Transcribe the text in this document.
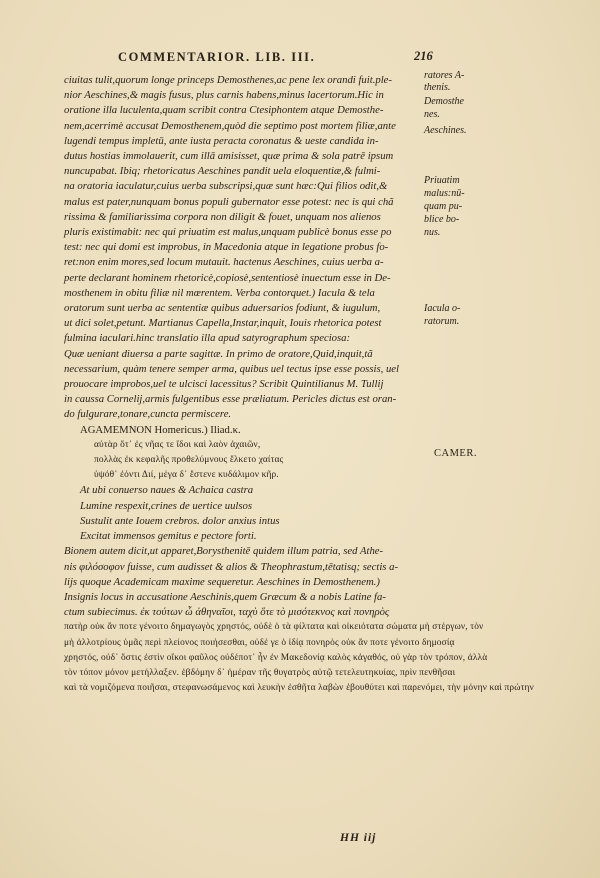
COMMENTARIOR. LIB. III.	216

ciuitas tulit,quorum longe princeps Demosthenes,ac pene lex orandi fuit.ple-

nior Aeschines,& magis fusus, plus carnis habens,minus lacertorum.Hic in

oratione illa luculenta,quam scribit contra Ctesiphontem atque Demosthe-

nem,acerrimè accusat Demosthenem,quòd die septimo post mortem filiæ,ante

lugendi tempus impletū, ante iusta peracta coronatus & ueste candida in-

dutus hostias immolauerit, cum illā amisisset, quæ prima & sola patrē ipsum

nuncupabat. Ibiq; rhetoricatus Aeschines pandit uela eloquentiæ,& fulmi-

na oratoria iaculatur,cuius uerba subscripsi,quæ sunt hæc:Qui filios odit,&

malus est pater,nunquam bonus populi gubernator esse potest: nec is qui chã

rissima & familiarissima corpora non diligit & fouet, unquam nos alienos

pluris existimabit: nec qui priuatim est malus,unquam publicè bonus esse po

test: nec qui domi est improbus, in Macedonia atque in legatione probus fo-

ret:non enim mores,sed locum mutauit. hactenus Aeschines, cuius uerba a-

perte declarant hominem rhetoricè,copiosè,sententiosè inuectum esse in De-

mosthenem in obitu filiæ nil mœrentem. Verba contorquet.) Iacula & tela

oratorum sunt uerba ac sententiæ quibus aduersarios fodiunt, & iugulum,

ut dici solet,petunt. Martianus Capella,Instar,inquit, Iouis rhetorica potest

fulmina iaculari.hinc translatio illa apud satyrographum speciosa:

Quæ ueniant diuersa a parte sagittæ. In primo de oratore,Quid,inquit,tã

necessarium, quàm tenere semper arma, quibus uel tectus ipse esse possis, uel

prouocare improbos,uel te ulcisci lacessitus? Scribit Quintilianus M. Tullij

in caussa Cornelij,armis fulgentibus esse præliatum. Pericles dictus est oran-

do fulgurare,tonare,cuncta permiscere.

AGAMEMNON Homericus.) Iliad.κ.

αὐτὰρ ὅτ᾽ ἐς νῆας τε ἴδοι καὶ λαὸν ἀχαιῶν,

πολλὰς ἐκ κεφαλῆς προθελύμνους ἕλκετο χαίτας

ὑψόθ᾽ ἐόντι Διί, μέγα δ᾽ ἔστενε κυδάλιμον κῆρ.

At ubi conuerso naues & Achaica castra

Lumine respexit,crines de uertice uulsos

Sustulit ante Iouem crebros. dolor anxius intus

Excitat immensos gemitus e pectore forti.

Bionem autem dicit,ut apparet,Borysthenitē quidem illum patria, sed Athe-

nis φιλόσοφον fuisse, cum audisset & alios & Theophrastum,tētatisq; sectis a-

lijs quoque Academicam maxime sequeretur. Aeschines in Demosthenem.)

Insignis locus in accusatione Aeschinis,quem Græcum & a nobis Latine fa-

ctum subiecimus. ἐκ τούτων ὦ ἀθηναῖοι, ταχὺ ὅτε τὸ μισότεκνος καὶ πονηρὸς

πατὴρ οὐκ ἄν ποτε γένοιτο δημαγωγὸς χρηστός, οὐδὲ ὁ τὰ φίλτατα καὶ οἰκειότατα σώματα μὴ στέργων, τὸν

μὴ ἀλλοτρίους ὑμᾶς περὶ πλείονος ποιήσεσθαι, οὐδέ γε ὁ ἰδίᾳ πονηρὸς οὐκ ἄν ποτε γένοιτο δημοσίᾳ

χρηστός, οὐδ᾽ ὅστις ἐστὶν οἴκοι φαῦλος οὐδέποτ᾽ ἦν ἐν Μακεδονίᾳ καλὸς κἀγαθός, οὐ γὰρ τὸν τρόπον, ἀλλὰ

τὸν τόπον μόνον μετήλλαξεν. ἑβδόμην δ᾽ ἡμέραν τῆς θυγατρὸς αὐτῷ τετελευτηκυίας, πρὶν πενθῆσαι

καὶ τὰ νομιζόμενα ποιῆσαι, στεφανωσάμενος καὶ λευκὴν ἐσθῆτα λαβὼν ἐβουθύτει καὶ παρενόμει, τὴν μόνην καὶ πρώτην

ratores A-
thenis.
Demosthe
nes.
Aeschines.
Priuatim
malus:nū-
quam pu-
blice bo-
nus.
Iacula o-
ratorum.
CAMER.
HH iij
